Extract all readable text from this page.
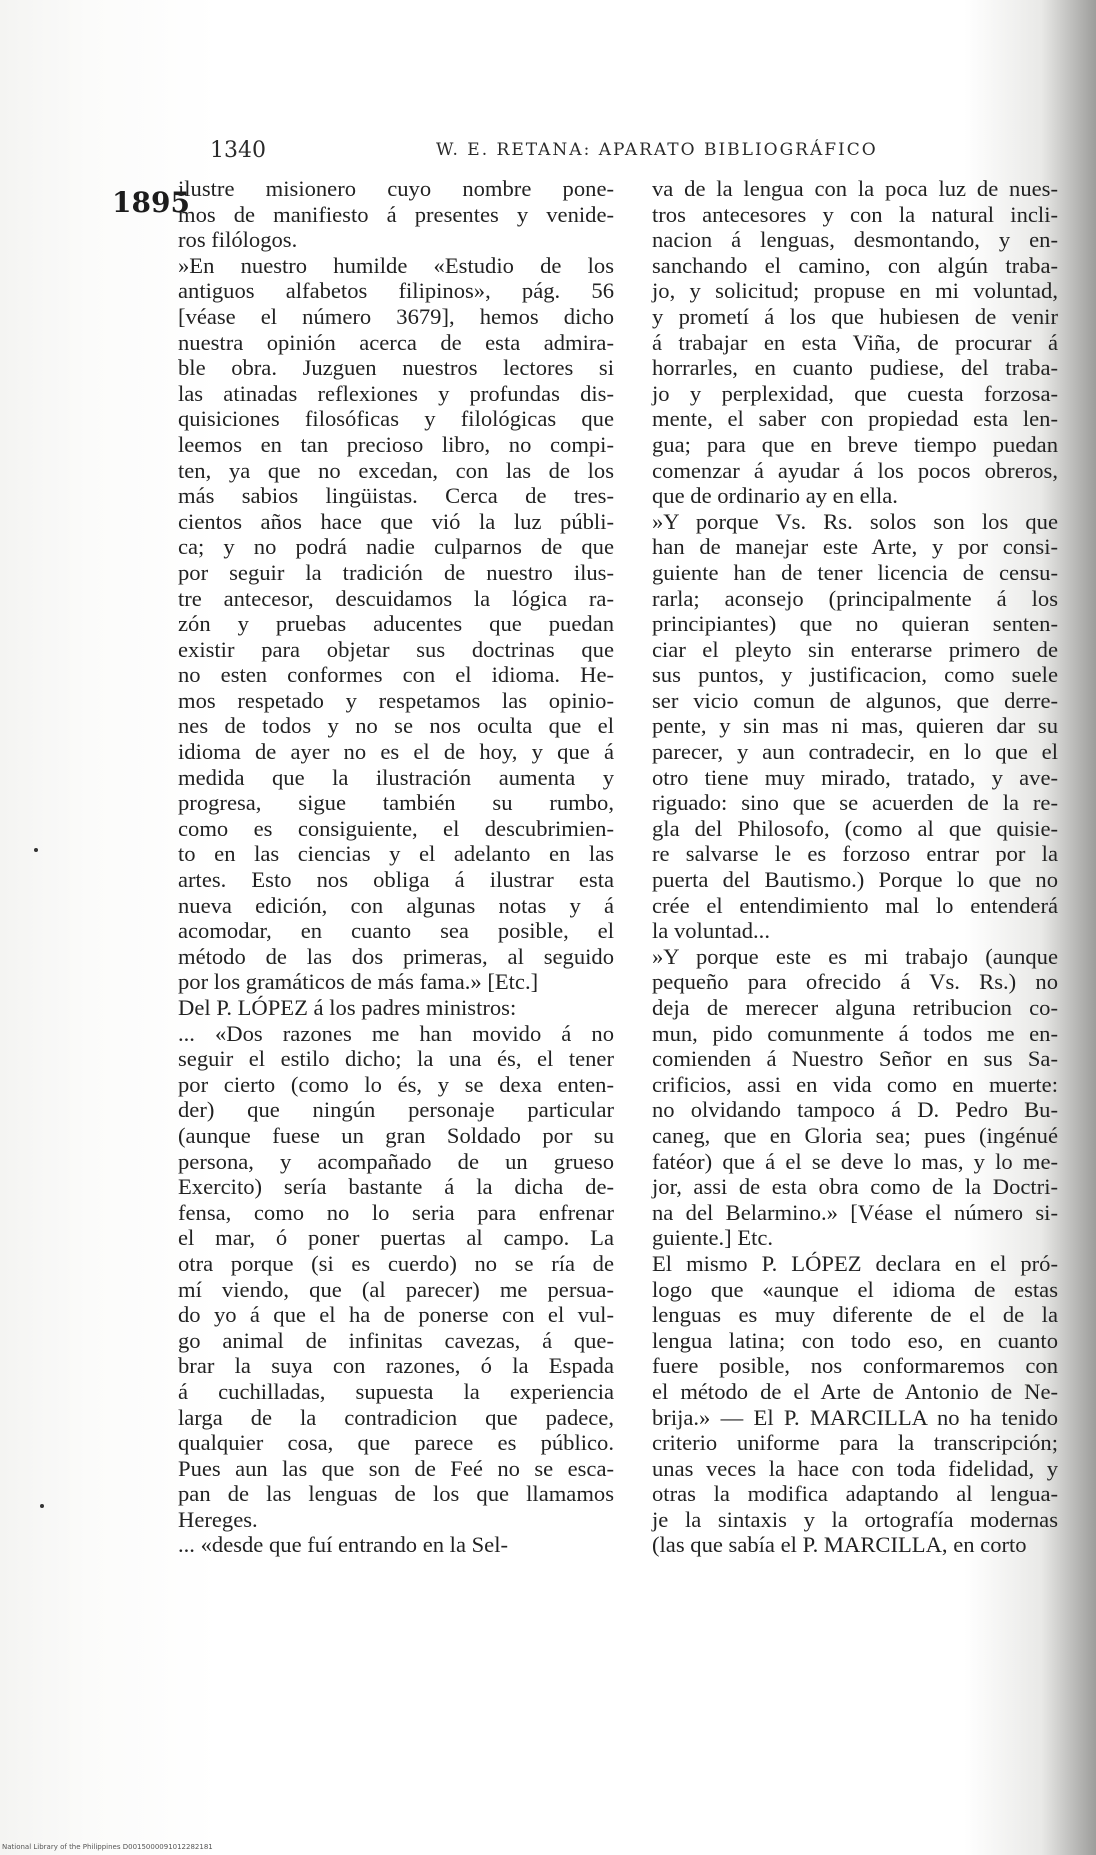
1340	W. E. RETANA: APARATO BIBLIOGRÁFICO
1895

ilustre misionero cuyo nombre pone-
mos de manifiesto á presentes y venide-
ros filólogos.

»En nuestro humilde «Estudio de los
antiguos alfabetos filipinos», pág. 56
[véase el número 3679], hemos dicho
nuestra opinión acerca de esta admira-
ble obra. Juzguen nuestros lectores si
las atinadas reflexiones y profundas dis-
quisiciones filosóficas y filológicas que
leemos en tan precioso libro, no compi-
ten, ya que no excedan, con las de los
más sabios lingüistas. Cerca de tres-
cientos años hace que vió la luz públi-
ca; y no podrá nadie culparnos de que
por seguir la tradición de nuestro ilus-
tre antecesor, descuidamos la lógica ra-
zón y pruebas aducentes que puedan
existir para objetar sus doctrinas que
no esten conformes con el idioma. He-
mos respetado y respetamos las opinio-
nes de todos y no se nos oculta que el
idioma de ayer no es el de hoy, y que á
medida que la ilustración aumenta y
progresa, sigue también su rumbo,
como es consiguiente, el descubrimien-
to en las ciencias y el adelanto en las
artes. Esto nos obliga á ilustrar esta
nueva edición, con algunas notas y á
acomodar, en cuanto sea posible, el
método de las dos primeras, al seguido
por los gramáticos de más fama.» [Etc.]

Del P. LÓPEZ á los padres ministros:

... «Dos razones me han movido á no
seguir el estilo dicho; la una és, el tener
por cierto (como lo és, y se dexa enten-
der) que ningún personaje particular
(aunque fuese un gran Soldado por su
persona, y acompañado de un grueso
Exercito) sería bastante á la dicha de-
fensa, como no lo seria para enfrenar
el mar, ó poner puertas al campo. La
otra porque (si es cuerdo) no se ría de
mí viendo, que (al parecer) me persua-
do yo á que el ha de ponerse con el vul-
go animal de infinitas cavezas, á que-
brar la suya con razones, ó la Espada
á cuchilladas, supuesta la experiencia
larga de la contradicion que padece,
qualquier cosa, que parece es público.
Pues aun las que son de Feé no se esca-
pan de las lenguas de los que llamamos
Hereges.

... «desde que fuí entrando en la Sel-

va de la lengua con la poca luz de nues-
tros antecesores y con la natural incli-
nacion á lenguas, desmontando, y en-
sanchando el camino, con algún traba-
jo, y solicitud; propuse en mi voluntad,
y prometí á los que hubiesen de venir
á trabajar en esta Viña, de procurar á
horrarles, en cuanto pudiese, del traba-
jo y perplexidad, que cuesta forzosa-
mente, el saber con propiedad esta len-
gua; para que en breve tiempo puedan
comenzar á ayudar á los pocos obreros,
que de ordinario ay en ella.

»Y porque Vs. Rs. solos son los que
han de manejar este Arte, y por consi-
guiente han de tener licencia de censu-
rarla; aconsejo (principalmente á los
principiantes) que no quieran senten-
ciar el pleyto sin enterarse primero de
sus puntos, y justificacion, como suele
ser vicio comun de algunos, que derre-
pente, y sin mas ni mas, quieren dar su
parecer, y aun contradecir, en lo que el
otro tiene muy mirado, tratado, y ave-
riguado: sino que se acuerden de la re-
gla del Philosofo, (como al que quisie-
re salvarse le es forzoso entrar por la
puerta del Bautismo.) Porque lo que no
crée el entendimiento mal lo entenderá
la voluntad...

»Y porque este es mi trabajo (aunque
pequeño para ofrecido á Vs. Rs.) no
deja de merecer alguna retribucion co-
mun, pido comunmente á todos me en-
comienden á Nuestro Señor en sus Sa-
crificios, assi en vida como en muerte:
no olvidando tampoco á D. Pedro Bu-
caneg, que en Gloria sea; pues (ingénué
fatéor) que á el se deve lo mas, y lo me-
jor, assi de esta obra como de la Doctri-
na del Belarmino.» [Véase el número si-
guiente.] Etc.

El mismo P. LÓPEZ declara en el pró-
logo que «aunque el idioma de estas
lenguas es muy diferente de el de la
lengua latina; con todo eso, en cuanto
fuere posible, nos conformaremos con
el método de el Arte de Antonio de Ne-
brija.» — El P. MARCILLA no ha tenido
criterio uniforme para la transcripción;
unas veces la hace con toda fidelidad, y
otras la modifica adaptando al lengua-
je la sintaxis y la ortografía modernas
(las que sabía el P. MARCILLA, en corto

National Library of the Philippines D0015000091012282181
